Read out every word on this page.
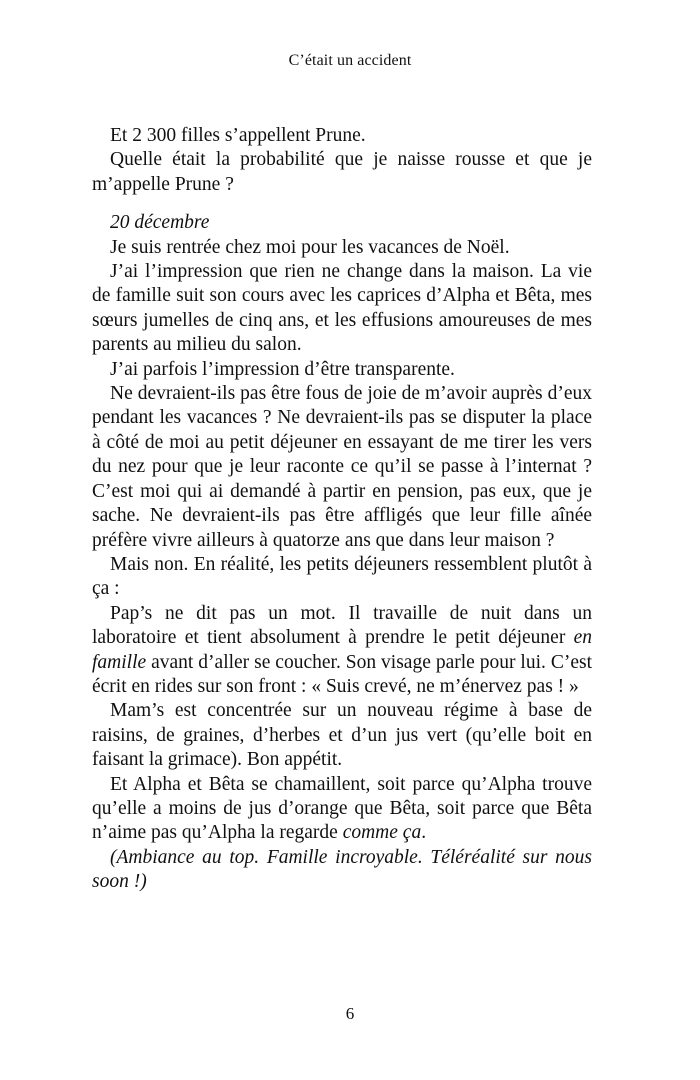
C’était un accident

Et 2 300 filles s’appellent Prune.

Quelle était la probabilité que je naisse rousse et que je m’appelle Prune ?

20 décembre

Je suis rentrée chez moi pour les vacances de Noël.

J’ai l’impression que rien ne change dans la maison. La vie de famille suit son cours avec les caprices d’Alpha et Bêta, mes sœurs jumelles de cinq ans, et les effusions amoureuses de mes parents au milieu du salon.

J’ai parfois l’impression d’être transparente.

Ne devraient-ils pas être fous de joie de m’avoir auprès d’eux pendant les vacances ? Ne devraient-ils pas se disputer la place à côté de moi au petit déjeuner en essayant de me tirer les vers du nez pour que je leur raconte ce qu’il se passe à l’internat ? C’est moi qui ai demandé à partir en pension, pas eux, que je sache. Ne devraient-ils pas être affligés que leur fille aînée préfère vivre ailleurs à quatorze ans que dans leur maison ?

Mais non. En réalité, les petits déjeuners ressemblent plutôt à ça :

Pap’s ne dit pas un mot. Il travaille de nuit dans un laboratoire et tient absolument à prendre le petit déjeuner en famille avant d’aller se coucher. Son visage parle pour lui. C’est écrit en rides sur son front : « Suis crevé, ne m’énervez pas ! »

Mam’s est concentrée sur un nouveau régime à base de raisins, de graines, d’herbes et d’un jus vert (qu’elle boit en faisant la grimace). Bon appétit.

Et Alpha et Bêta se chamaillent, soit parce qu’Alpha trouve qu’elle a moins de jus d’orange que Bêta, soit parce que Bêta n’aime pas qu’Alpha la regarde comme ça.

(Ambiance au top. Famille incroyable. Téléréalité sur nous soon !)

6
